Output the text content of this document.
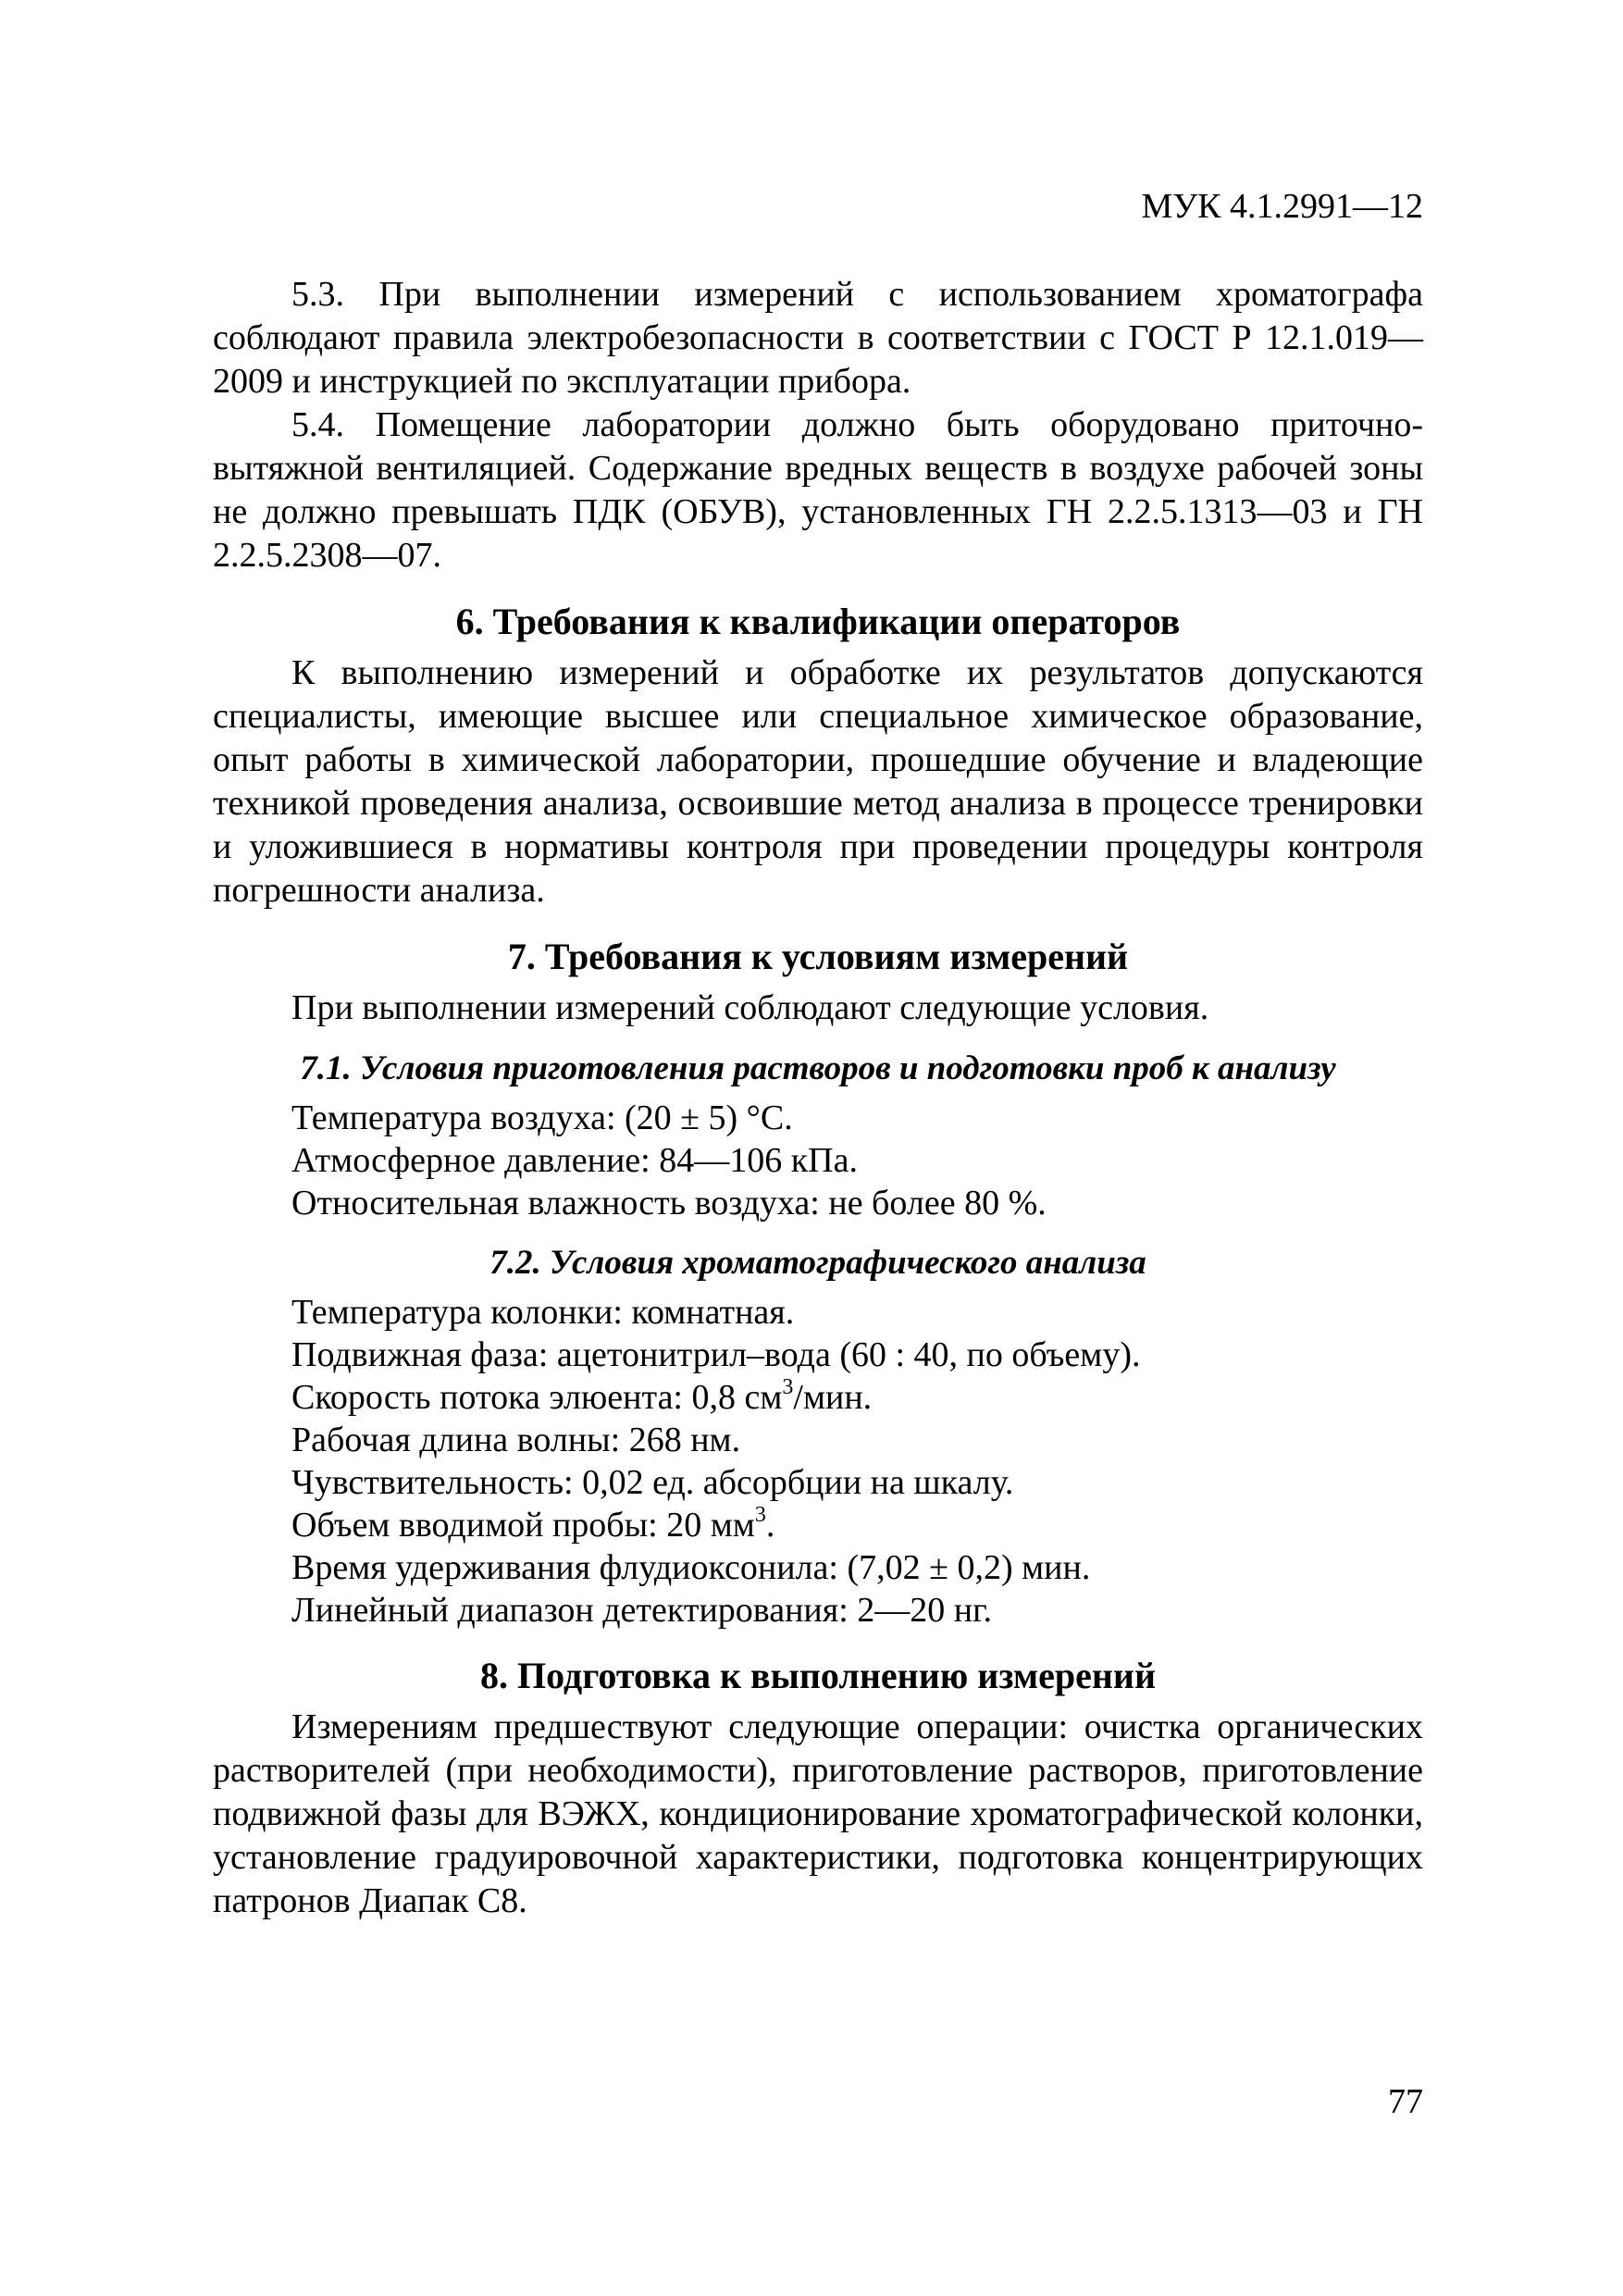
МУК 4.1.2991—12

5.3. При выполнении измерений с использованием хроматографа соблюдают правила электробезопасности в соответствии с ГОСТ Р 12.1.019—2009 и инструкцией по эксплуатации прибора.

5.4. Помещение лаборатории должно быть оборудовано приточно-вытяжной вентиляцией. Содержание вредных веществ в воздухе рабочей зоны не должно превышать ПДК (ОБУВ), установленных ГН 2.2.5.1313—03 и ГН 2.2.5.2308—07.

6. Требования к квалификации операторов

К выполнению измерений и обработке их результатов допускаются специалисты, имеющие высшее или специальное химическое образование, опыт работы в химической лаборатории, прошедшие обучение и владеющие техникой проведения анализа, освоившие метод анализа в процессе тренировки и уложившиеся в нормативы контроля при проведении процедуры контроля погрешности анализа.

7. Требования к условиям измерений

При выполнении измерений соблюдают следующие условия.

7.1. Условия приготовления растворов и подготовки проб к анализу

Температура воздуха: (20 ± 5) °С.

Атмосферное давление: 84—106 кПа.

Относительная влажность воздуха: не более 80 %.

7.2. Условия хроматографического анализа

Температура колонки: комнатная.

Подвижная фаза: ацетонитрил–вода (60 : 40, по объему).

Скорость потока элюента: 0,8 $см^3$/мин.

Рабочая длина волны: 268 нм.

Чувствительность: 0,02 ед. абсорбции на шкалу.

Объем вводимой пробы: 20 $мм^3$.

Время удерживания флудиоксонила: (7,02 ± 0,2) мин.

Линейный диапазон детектирования: 2—20 нг.

8. Подготовка к выполнению измерений

Измерениям предшествуют следующие операции: очистка органических растворителей (при необходимости), приготовление растворов, приготовление подвижной фазы для ВЭЖХ, кондиционирование хроматографической колонки, установление градуировочной характеристики, подготовка концентрирующих патронов Диапак С8.

77
